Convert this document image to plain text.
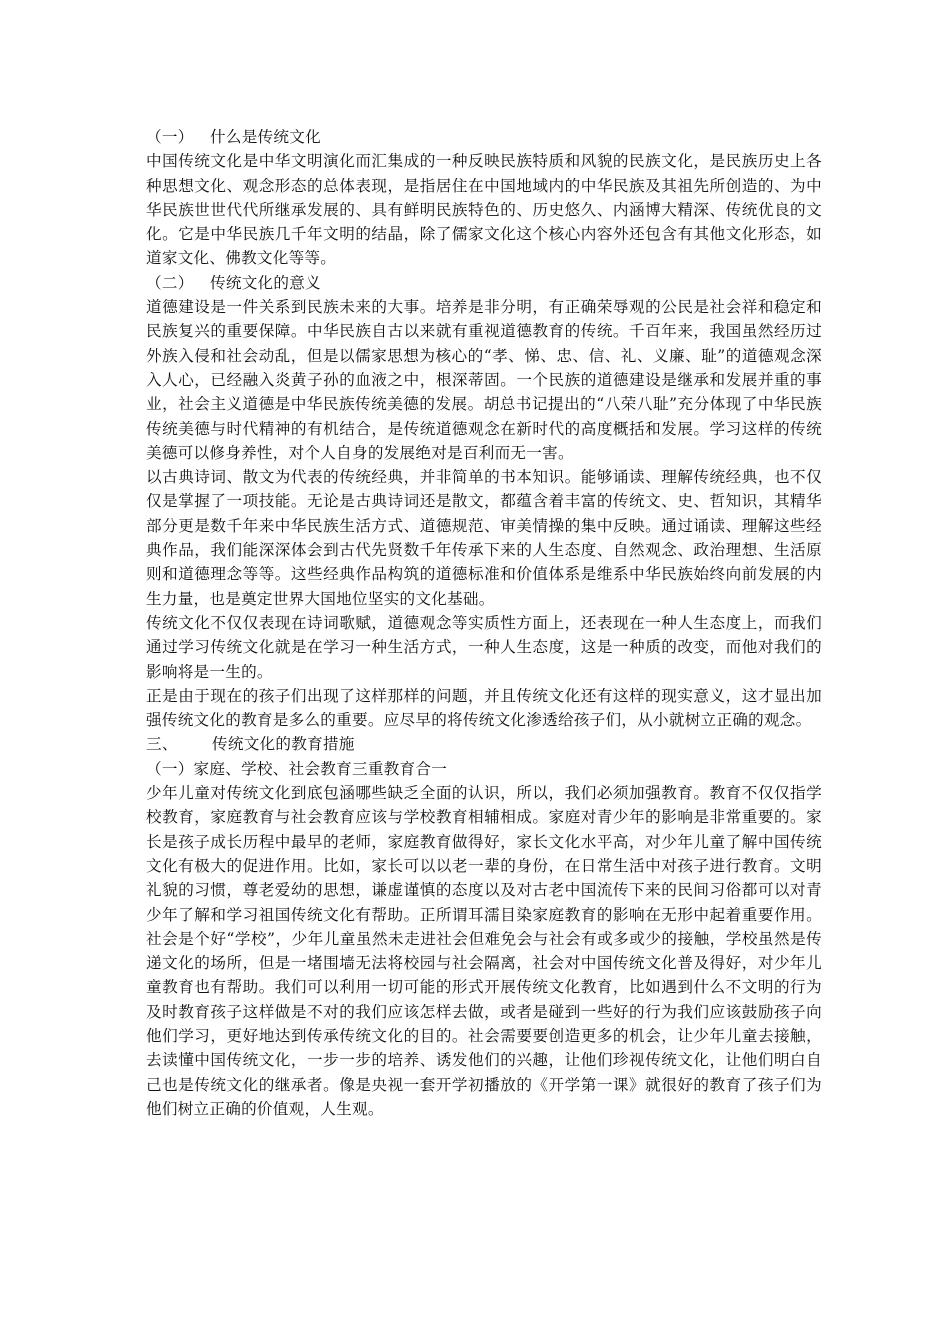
（一） 什么是传统文化

中国传统文化是中华文明演化而汇集成的一种反映民族特质和风貌的民族文化，是民族历史上各种思想文化、观念形态的总体表现，是指居住在中国地域内的中华民族及其祖先所创造的、为中华民族世世代代所继承发展的、具有鲜明民族特色的、历史悠久、内涵博大精深、传统优良的文化。它是中华民族几千年文明的结晶，除了儒家文化这个核心内容外还包含有其他文化形态，如道家文化、佛教文化等等。

（二） 传统文化的意义

道德建设是一件关系到民族未来的大事。培养是非分明，有正确荣辱观的公民是社会祥和稳定和民族复兴的重要保障。中华民族自古以来就有重视道德教育的传统。千百年来，我国虽然经历过外族入侵和社会动乱，但是以儒家思想为核心的“孝、悌、忠、信、礼、义廉、耻”的道德观念深入人心，已经融入炎黄子孙的血液之中，根深蒂固。一个民族的道德建设是继承和发展并重的事业，社会主义道德是中华民族传统美德的发展。胡总书记提出的“八荣八耻”充分体现了中华民族传统美德与时代精神的有机结合，是传统道德观念在新时代的高度概括和发展。学习这样的传统美德可以修身养性，对个人自身的发展绝对是百利而无一害。

以古典诗词、散文为代表的传统经典，并非简单的书本知识。能够诵读、理解传统经典，也不仅仅是掌握了一项技能。无论是古典诗词还是散文，都蕴含着丰富的传统文、史、哲知识，其精华部分更是数千年来中华民族生活方式、道德规范、审美情操的集中反映。通过诵读、理解这些经典作品，我们能深深体会到古代先贤数千年传承下来的人生态度、自然观念、政治理想、生活原则和道德理念等等。这些经典作品构筑的道德标准和价值体系是维系中华民族始终向前发展的内生力量，也是奠定世界大国地位坚实的文化基础。

传统文化不仅仅表现在诗词歌赋，道德观念等实质性方面上，还表现在一种人生态度上，而我们通过学习传统文化就是在学习一种生活方式，一种人生态度，这是一种质的改变，而他对我们的影响将是一生的。

正是由于现在的孩子们出现了这样那样的问题，并且传统文化还有这样的现实意义，这才显出加强传统文化的教育是多么的重要。应尽早的将传统文化渗透给孩子们，从小就树立正确的观念。

三、 传统文化的教育措施

（一）家庭、学校、社会教育三重教育合一

少年儿童对传统文化到底包涵哪些缺乏全面的认识，所以，我们必须加强教育。教育不仅仅指学校教育，家庭教育与社会教育应该与学校教育相辅相成。家庭对青少年的影响是非常重要的。家长是孩子成长历程中最早的老师，家庭教育做得好，家长文化水平高，对少年儿童了解中国传统文化有极大的促进作用。比如，家长可以以老一辈的身份，在日常生活中对孩子进行教育。文明礼貌的习惯，尊老爱幼的思想，谦虚谨慎的态度以及对古老中国流传下来的民间习俗都可以对青少年了解和学习祖国传统文化有帮助。正所谓耳濡目染家庭教育的影响在无形中起着重要作用。社会是个好“学校”，少年儿童虽然未走进社会但难免会与社会有或多或少的接触，学校虽然是传递文化的场所，但是一堵围墙无法将校园与社会隔离，社会对中国传统文化普及得好，对少年儿童教育也有帮助。我们可以利用一切可能的形式开展传统文化教育，比如遇到什么不文明的行为及时教育孩子这样做是不对的我们应该怎样去做，或者是碰到一些好的行为我们应该鼓励孩子向他们学习，更好地达到传承传统文化的目的。社会需要要创造更多的机会，让少年儿童去接触，去读懂中国传统文化，一步一步的培养、诱发他们的兴趣，让他们珍视传统文化，让他们明白自己也是传统文化的继承者。像是央视一套开学初播放的《开学第一课》就很好的教育了孩子们为他们树立正确的价值观，人生观。
